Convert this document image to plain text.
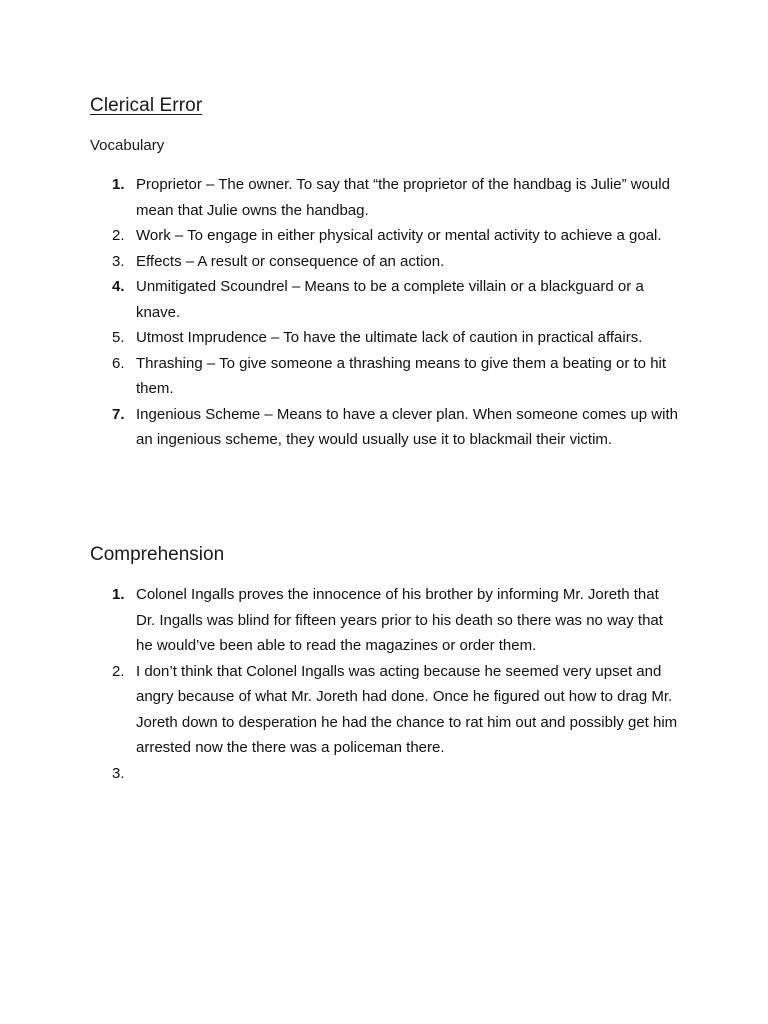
Clerical Error
Vocabulary
1. Proprietor – The owner. To say that “the proprietor of the handbag is Julie” would mean that Julie owns the handbag.
2. Work – To engage in either physical activity or mental activity to achieve a goal.
3. Effects – A result or consequence of an action.
4. Unmitigated Scoundrel – Means to be a complete villain or a blackguard or a knave.
5. Utmost Imprudence – To have the ultimate lack of caution in practical affairs.
6. Thrashing – To give someone a thrashing means to give them a beating or to hit them.
7. Ingenious Scheme – Means to have a clever plan. When someone comes up with an ingenious scheme, they would usually use it to blackmail their victim.
Comprehension
1. Colonel Ingalls proves the innocence of his brother by informing Mr. Joreth that Dr. Ingalls was blind for fifteen years prior to his death so there was no way that he would’ve been able to read the magazines or order them.
2. I don’t think that Colonel Ingalls was acting because he seemed very upset and angry because of what Mr. Joreth had done. Once he figured out how to drag Mr. Joreth down to desperation he had the chance to rat him out and possibly get him arrested now the there was a policeman there.
3.
